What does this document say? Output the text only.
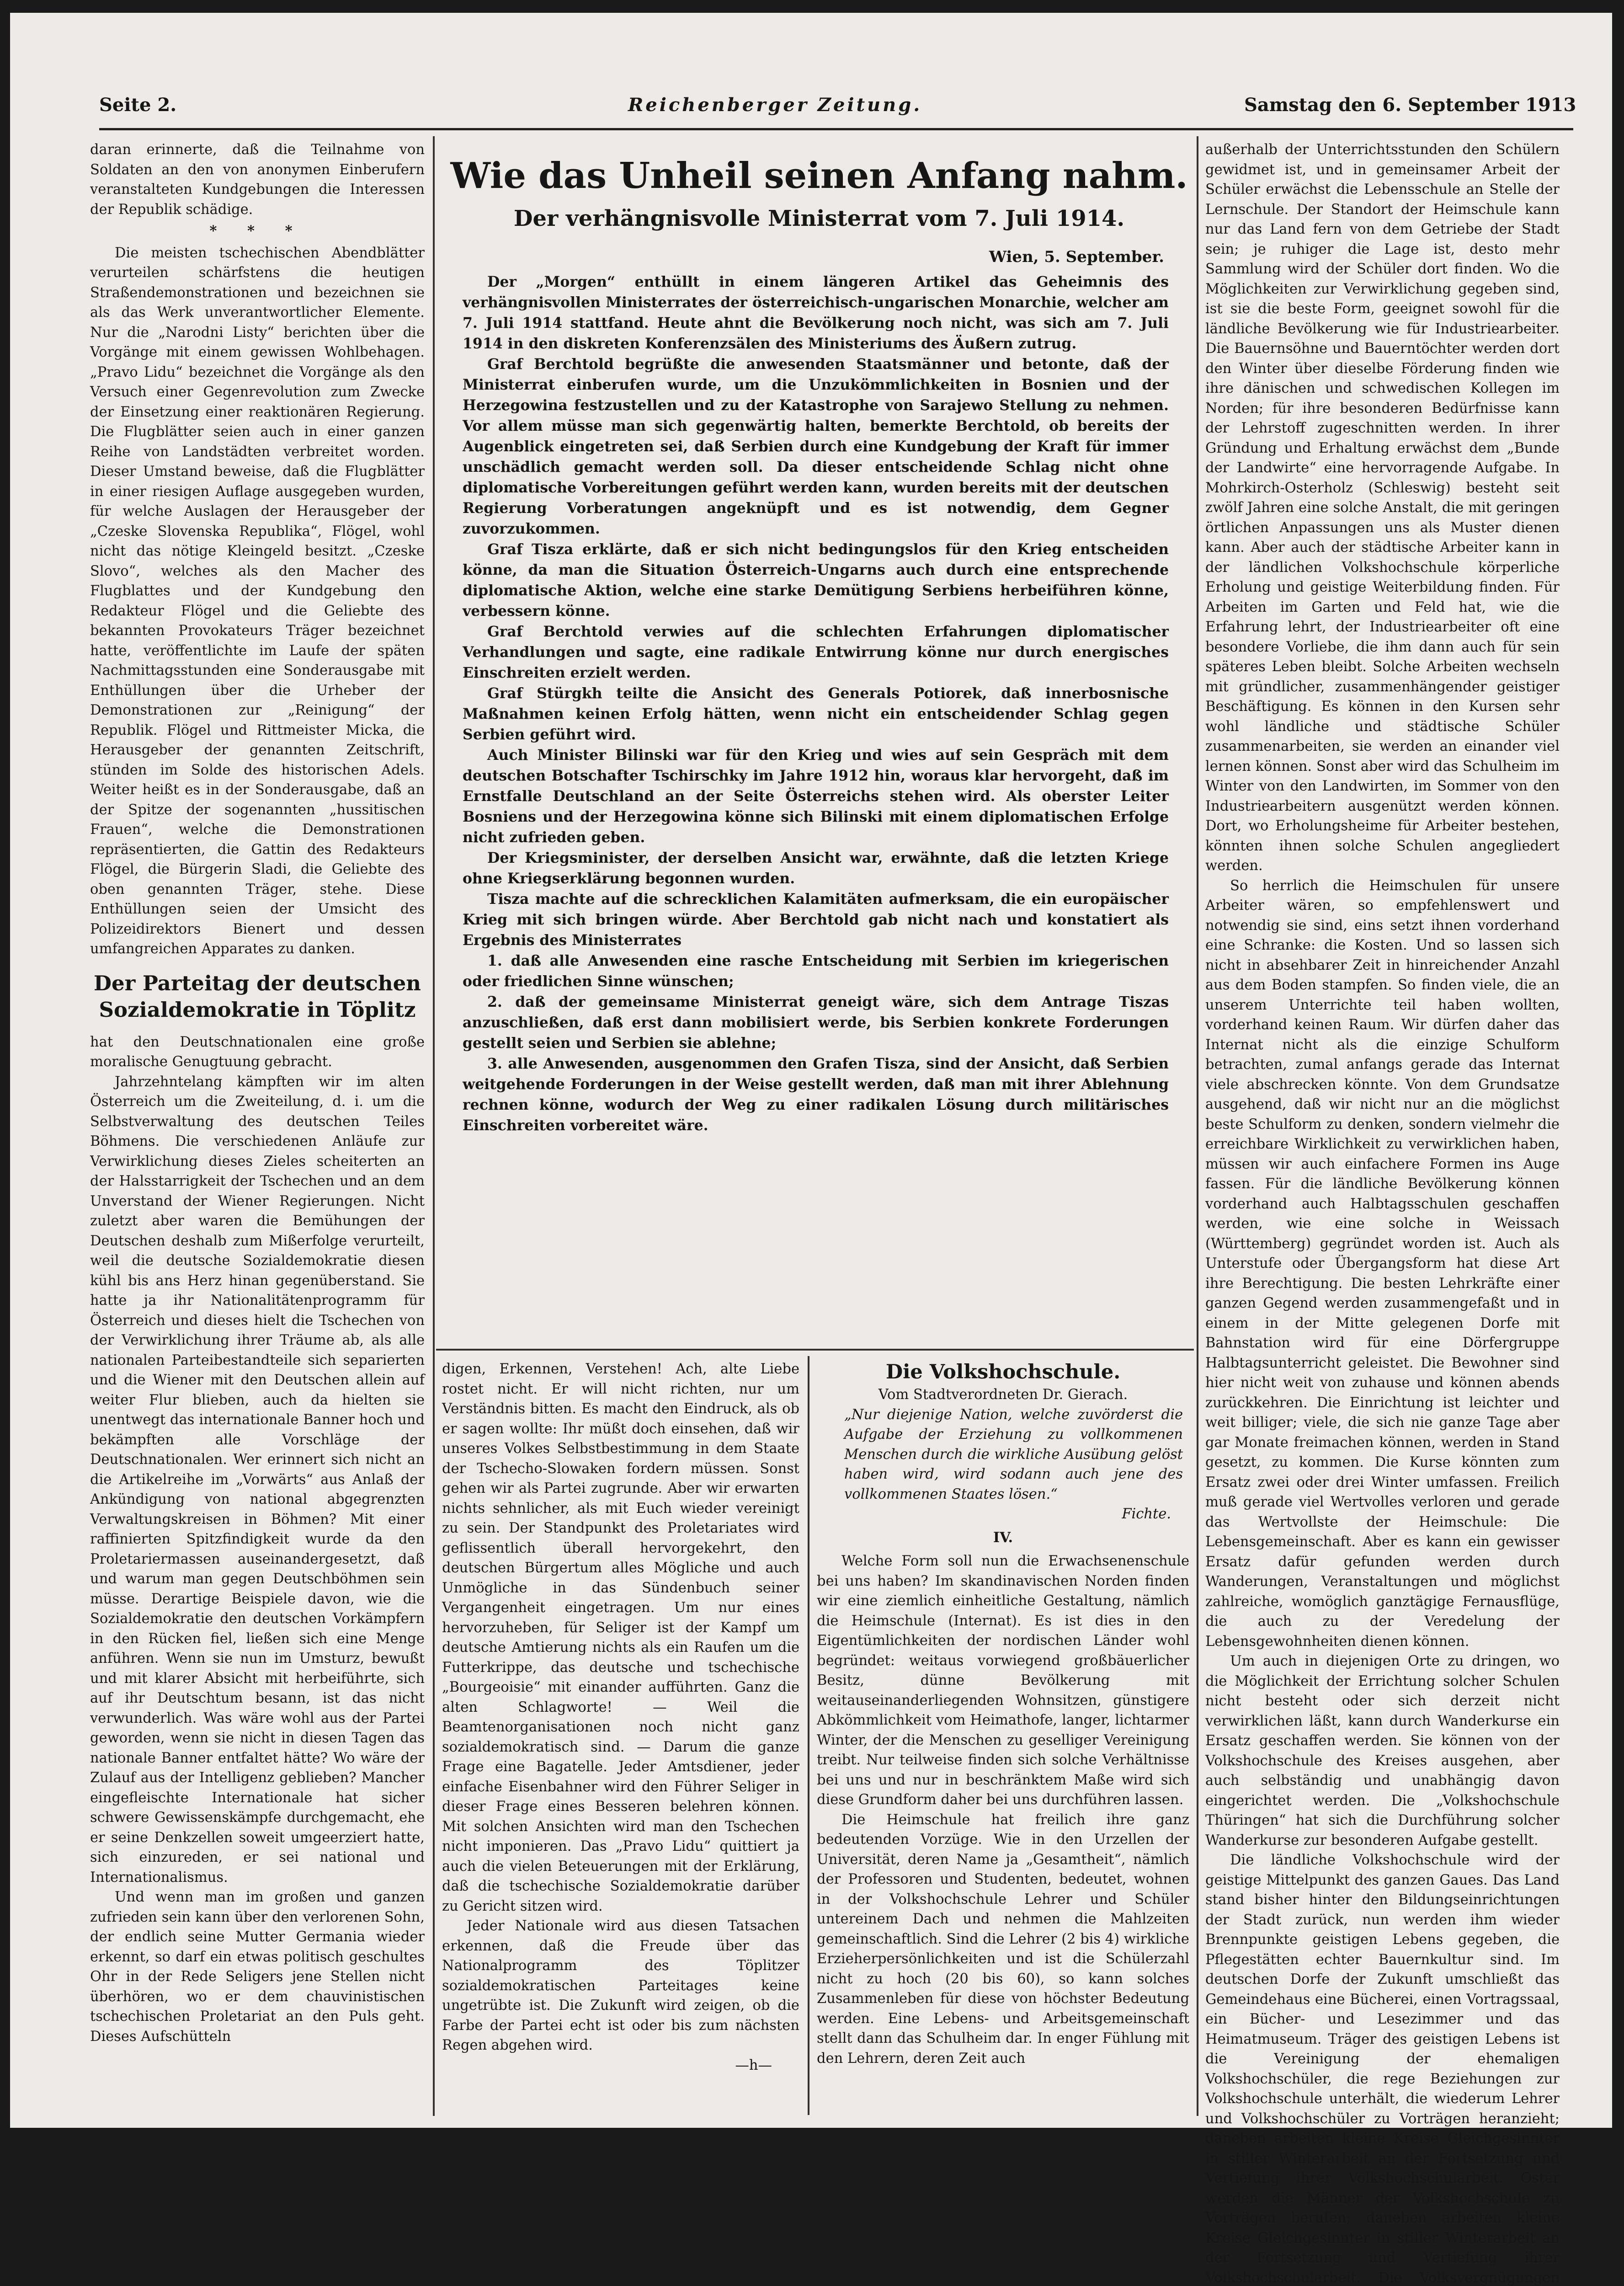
Seite 2.	Reichenberger Zeitung.	Samstag den 6. September 1913

daran erinnerte, daß die Teilnahme von Soldaten an den von anonymen Einberufern veranstalteten Kundgebungen die Interessen der Republik schädige.

* * *

Die meisten tschechischen Abendblätter verurteilen schärfstens die heutigen Straßendemonstrationen und bezeichnen sie als das Werk unverantwortlicher Elemente. Nur die „Narodni Listy“ berichten über die Vorgänge mit einem gewissen Wohlbehagen. „Pravo Lidu“ bezeichnet die Vorgänge als den Versuch einer Gegenrevolution zum Zwecke der Einsetzung einer reaktionären Regierung. Die Flugblätter seien auch in einer ganzen Reihe von Landstädten verbreitet worden. Dieser Umstand beweise, daß die Flugblätter in einer riesigen Auflage ausgegeben wurden, für welche Auslagen der Herausgeber der „Czeske Slovenska Republika“, Flögel, wohl nicht das nötige Kleingeld besitzt. „Czeske Slovo“, welches als den Macher des Flugblattes und der Kundgebung den Redakteur Flögel und die Geliebte des bekannten Provokateurs Träger bezeichnet hatte, veröffentlichte im Laufe der späten Nachmittagsstunden eine Sonderausgabe mit Enthüllungen über die Urheber der Demonstrationen zur „Reinigung“ der Republik. Flögel und Rittmeister Micka, die Herausgeber der genannten Zeitschrift, stünden im Solde des historischen Adels. Weiter heißt es in der Sonderausgabe, daß an der Spitze der sogenannten „hussitischen Frauen“, welche die Demonstrationen repräsentierten, die Gattin des Redakteurs Flögel, die Bürgerin Sladi, die Geliebte des oben genannten Träger, stehe. Diese Enthüllungen seien der Umsicht des Polizeidirektors Bienert und dessen umfangreichen Apparates zu danken.

Der Parteitag der deutschen Sozialdemokratie in Töplitz

hat den Deutschnationalen eine große moralische Genugtuung gebracht.

Jahrzehntelang kämpften wir im alten Österreich um die Zweiteilung, d. i. um die Selbstverwaltung des deutschen Teiles Böhmens. Die verschiedenen Anläufe zur Verwirklichung dieses Zieles scheiterten an der Halsstarrigkeit der Tschechen und an dem Unverstand der Wiener Regierungen. Nicht zuletzt aber waren die Bemühungen der Deutschen deshalb zum Mißerfolge verurteilt, weil die deutsche Sozialdemokratie diesen kühl bis ans Herz hinan gegenüberstand. Sie hatte ja ihr Nationalitätenprogramm für Österreich und dieses hielt die Tschechen von der Verwirklichung ihrer Träume ab, als alle nationalen Parteibestandteile sich separierten und die Wiener mit den Deutschen allein auf weiter Flur blieben, auch da hielten sie unentwegt das internationale Banner hoch und bekämpften alle Vorschläge der Deutschnationalen. Wer erinnert sich nicht an die Artikelreihe im „Vorwärts“ aus Anlaß der Ankündigung von national abgegrenzten Verwaltungskreisen in Böhmen? Mit einer raffinierten Spitzfindigkeit wurde da den Proletariermassen auseinandergesetzt, daß und warum man gegen Deutschböhmen sein müsse. Derartige Beispiele davon, wie die Sozialdemokratie den deutschen Vorkämpfern in den Rücken fiel, ließen sich eine Menge anführen. Wenn sie nun im Umsturz, bewußt und mit klarer Absicht mit herbeiführte, sich auf ihr Deutschtum besann, ist das nicht verwunderlich. Was wäre wohl aus der Partei geworden, wenn sie nicht in diesen Tagen das nationale Banner entfaltet hätte? Wo wäre der Zulauf aus der Intelligenz geblieben? Mancher eingefleischte Internationale hat sicher schwere Gewissenskämpfe durchgemacht, ehe er seine Denkzellen soweit umgeerziert hatte, sich einzureden, er sei national und Internationalismus.

Und wenn man im großen und ganzen zufrieden sein kann über den verlorenen Sohn, der endlich seine Mutter Germania wieder erkennt, so darf ein etwas politisch geschultes Ohr in der Rede Seligers jene Stellen nicht überhören, wo er dem chauvinistischen tschechischen Proletariat an den Puls geht. Dieses Aufschütteln

Wie das Unheil seinen Anfang nahm.
Der verhängnisvolle Ministerrat vom 7. Juli 1914.
Wien, 5. September.

Der „Morgen“ enthüllt in einem längeren Artikel das Geheimnis des verhängnisvollen Ministerrates der österreichisch-ungarischen Monarchie, welcher am 7. Juli 1914 stattfand. Heute ahnt die Bevölkerung noch nicht, was sich am 7. Juli 1914 in den diskreten Konferenzsälen des Ministeriums des Äußern zutrug.

Graf Berchtold begrüßte die anwesenden Staatsmänner und betonte, daß der Ministerrat einberufen wurde, um die Unzukömmlichkeiten in Bosnien und der Herzegowina festzustellen und zu der Katastrophe von Sarajewo Stellung zu nehmen. Vor allem müsse man sich gegenwärtig halten, bemerkte Berchtold, ob bereits der Augenblick eingetreten sei, daß Serbien durch eine Kundgebung der Kraft für immer unschädlich gemacht werden soll. Da dieser entscheidende Schlag nicht ohne diplomatische Vorbereitungen geführt werden kann, wurden bereits mit der deutschen Regierung Vorberatungen angeknüpft und es ist notwendig, dem Gegner zuvorzukommen.

Graf Tisza erklärte, daß er sich nicht bedingungslos für den Krieg entscheiden könne, da man die Situation Österreich-Ungarns auch durch eine entsprechende diplomatische Aktion, welche eine starke Demütigung Serbiens herbeiführen könne, verbessern könne.

Graf Berchtold verwies auf die schlechten Erfahrungen diplomatischer Verhandlungen und sagte, eine radikale Entwirrung könne nur durch energisches Einschreiten erzielt werden.

Graf Stürgkh teilte die Ansicht des Generals Potiorek, daß innerbosnische Maßnahmen keinen Erfolg hätten, wenn nicht ein entscheidender Schlag gegen Serbien geführt wird.

Auch Minister Bilinski war für den Krieg und wies auf sein Gespräch mit dem deutschen Botschafter Tschirschky im Jahre 1912 hin, woraus klar hervorgeht, daß im Ernstfalle Deutschland an der Seite Österreichs stehen wird. Als oberster Leiter Bosniens und der Herzegowina könne sich Bilinski mit einem diplomatischen Erfolge nicht zufrieden geben.

Der Kriegsminister, der derselben Ansicht war, erwähnte, daß die letzten Kriege ohne Kriegserklärung begonnen wurden.

Tisza machte auf die schrecklichen Kalamitäten aufmerksam, die ein europäischer Krieg mit sich bringen würde. Aber Berchtold gab nicht nach und konstatiert als Ergebnis des Ministerrates

1. daß alle Anwesenden eine rasche Entscheidung mit Serbien im kriegerischen oder friedlichen Sinne wünschen;

2. daß der gemeinsame Ministerrat geneigt wäre, sich dem Antrage Tiszas anzuschließen, daß erst dann mobilisiert werde, bis Serbien konkrete Forderungen gestellt seien und Serbien sie ablehne;

3. alle Anwesenden, ausgenommen den Grafen Tisza, sind der Ansicht, daß Serbien weitgehende Forderungen in der Weise gestellt werden, daß man mit ihrer Ablehnung rechnen könne, wodurch der Weg zu einer radikalen Lösung durch militärisches Einschreiten vorbereitet wäre.

digen, Erkennen, Verstehen! Ach, alte Liebe rostet nicht. Er will nicht richten, nur um Verständnis bitten. Es macht den Eindruck, als ob er sagen wollte: Ihr müßt doch einsehen, daß wir unseres Volkes Selbstbestimmung in dem Staate der Tschecho-Slowaken fordern müssen. Sonst gehen wir als Partei zugrunde. Aber wir erwarten nichts sehnlicher, als mit Euch wieder vereinigt zu sein. Der Standpunkt des Proletariates wird geflissentlich überall hervorgekehrt, den deutschen Bürgertum alles Mögliche und auch Unmögliche in das Sündenbuch seiner Vergangenheit eingetragen. Um nur eines hervorzuheben, für Seliger ist der Kampf um deutsche Amtierung nichts als ein Raufen um die Futterkrippe, das deutsche und tschechische „Bourgeoisie“ mit einander aufführten. Ganz die alten Schlagworte! — Weil die Beamtenorganisationen noch nicht ganz sozialdemokratisch sind. — Darum die ganze Frage eine Bagatelle. Jeder Amtsdiener, jeder einfache Eisenbahner wird den Führer Seliger in dieser Frage eines Besseren belehren können. Mit solchen Ansichten wird man den Tschechen nicht imponieren. Das „Pravo Lidu“ quittiert ja auch die vielen Beteuerungen mit der Erklärung, daß die tschechische Sozialdemokratie darüber zu Gericht sitzen wird.

Jeder Nationale wird aus diesen Tatsachen erkennen, daß die Freude über das Nationalprogramm des Töplitzer sozialdemokratischen Parteitages keine ungetrübte ist. Die Zukunft wird zeigen, ob die Farbe der Partei echt ist oder bis zum nächsten Regen abgehen wird.

—h—

Die Volkshochschule.

Vom Stadtverordneten Dr. Gierach.

„Nur diejenige Nation, welche zuvörderst die Aufgabe der Erziehung zu vollkommenen Menschen durch die wirkliche Ausübung gelöst haben wird, wird sodann auch jene des vollkommenen Staates lösen.“

Fichte.

IV.

Welche Form soll nun die Erwachsenenschule bei uns haben? Im skandinavischen Norden finden wir eine ziemlich einheitliche Gestaltung, nämlich die Heimschule (Internat). Es ist dies in den Eigentümlichkeiten der nordischen Länder wohl begründet: weitaus vorwiegend großbäuerlicher Besitz, dünne Bevölkerung mit weitauseinanderliegenden Wohnsitzen, günstigere Abkömmlichkeit vom Heimathofe, langer, lichtarmer Winter, der die Menschen zu geselliger Vereinigung treibt. Nur teilweise finden sich solche Verhältnisse bei uns und nur in beschränktem Maße wird sich diese Grundform daher bei uns durchführen lassen.

Die Heimschule hat freilich ihre ganz bedeutenden Vorzüge. Wie in den Urzellen der Universität, deren Name ja „Gesamtheit“, nämlich der Professoren und Studenten, bedeutet, wohnen in der Volkshochschule Lehrer und Schüler untereinem Dach und nehmen die Mahlzeiten gemeinschaftlich. Sind die Lehrer (2 bis 4) wirkliche Erzieherpersönlichkeiten und ist die Schülerzahl nicht zu hoch (20 bis 60), so kann solches Zusammenleben für diese von höchster Bedeutung werden. Eine Lebens- und Arbeitsgemeinschaft stellt dann das Schulheim dar. In enger Fühlung mit den Lehrern, deren Zeit auch

außerhalb der Unterrichtsstunden den Schülern gewidmet ist, und in gemeinsamer Arbeit der Schüler erwächst die Lebensschule an Stelle der Lernschule. Der Standort der Heimschule kann nur das Land fern von dem Getriebe der Stadt sein; je ruhiger die Lage ist, desto mehr Sammlung wird der Schüler dort finden. Wo die Möglichkeiten zur Verwirklichung gegeben sind, ist sie die beste Form, geeignet sowohl für die ländliche Bevölkerung wie für Industriearbeiter. Die Bauernsöhne und Bauerntöchter werden dort den Winter über dieselbe Förderung finden wie ihre dänischen und schwedischen Kollegen im Norden; für ihre besonderen Bedürfnisse kann der Lehrstoff zugeschnitten werden. In ihrer Gründung und Erhaltung erwächst dem „Bunde der Landwirte“ eine hervorragende Aufgabe. In Mohrkirch-Osterholz (Schleswig) besteht seit zwölf Jahren eine solche Anstalt, die mit geringen örtlichen Anpassungen uns als Muster dienen kann. Aber auch der städtische Arbeiter kann in der ländlichen Volkshochschule körperliche Erholung und geistige Weiterbildung finden. Für Arbeiten im Garten und Feld hat, wie die Erfahrung lehrt, der Industriearbeiter oft eine besondere Vorliebe, die ihm dann auch für sein späteres Leben bleibt. Solche Arbeiten wechseln mit gründlicher, zusammenhängender geistiger Beschäftigung. Es können in den Kursen sehr wohl ländliche und städtische Schüler zusammenarbeiten, sie werden an einander viel lernen können. Sonst aber wird das Schulheim im Winter von den Landwirten, im Sommer von den Industriearbeitern ausgenützt werden können. Dort, wo Erholungsheime für Arbeiter bestehen, könnten ihnen solche Schulen angegliedert werden.

So herrlich die Heimschulen für unsere Arbeiter wären, so empfehlenswert und notwendig sie sind, eins setzt ihnen vorderhand eine Schranke: die Kosten. Und so lassen sich nicht in absehbarer Zeit in hinreichender Anzahl aus dem Boden stampfen. So finden viele, die an unserem Unterrichte teil haben wollten, vorderhand keinen Raum. Wir dürfen daher das Internat nicht als die einzige Schulform betrachten, zumal anfangs gerade das Internat viele abschrecken könnte. Von dem Grundsatze ausgehend, daß wir nicht nur an die möglichst beste Schulform zu denken, sondern vielmehr die erreichbare Wirklichkeit zu verwirklichen haben, müssen wir auch einfachere Formen ins Auge fassen. Für die ländliche Bevölkerung können vorderhand auch Halbtagsschulen geschaffen werden, wie eine solche in Weissach (Württemberg) gegründet worden ist. Auch als Unterstufe oder Übergangsform hat diese Art ihre Berechtigung. Die besten Lehrkräfte einer ganzen Gegend werden zusammengefaßt und in einem in der Mitte gelegenen Dorfe mit Bahnstation wird für eine Dörfergruppe Halbtagsunterricht geleistet. Die Bewohner sind hier nicht weit von zuhause und können abends zurückkehren. Die Einrichtung ist leichter und weit billiger; viele, die sich nie ganze Tage aber gar Monate freimachen können, werden in Stand gesetzt, zu kommen. Die Kurse könnten zum Ersatz zwei oder drei Winter umfassen. Freilich muß gerade viel Wertvolles verloren und gerade das Wertvollste der Heimschule: Die Lebensgemeinschaft. Aber es kann ein gewisser Ersatz dafür gefunden werden durch Wanderungen, Veranstaltungen und möglichst zahlreiche, womöglich ganztägige Fernausflüge, die auch zu der Veredelung der Lebensgewohnheiten dienen können.

Um auch in diejenigen Orte zu dringen, wo die Möglichkeit der Errichtung solcher Schulen nicht besteht oder sich derzeit nicht verwirklichen läßt, kann durch Wanderkurse ein Ersatz geschaffen werden. Sie können von der Volkshochschule des Kreises ausgehen, aber auch selbständig und unabhängig davon eingerichtet werden. Die „Volkshochschule Thüringen“ hat sich die Durchführung solcher Wanderkurse zur besonderen Aufgabe gestellt.

Die ländliche Volkshochschule wird der geistige Mittelpunkt des ganzen Gaues. Das Land stand bisher hinter den Bildungseinrichtungen der Stadt zurück, nun werden ihm wieder Brennpunkte geistigen Lebens gegeben, die Pflegestätten echter Bauernkultur sind. Im deutschen Dorfe der Zukunft umschließt das Gemeindehaus eine Bücherei, einen Vortragssaal, ein Bücher- und Lesezimmer und das Heimatmuseum. Träger des geistigen Lebens ist die Vereinigung der ehemaligen Volkshochschüler, die rege Beziehungen zur Volkshochschule unterhält, die wiederum Lehrer und Volkshochschüler zu Vorträgen heranzieht; daneben arbeiten kleine Kreise Gleichgesinnter in stiller Winterarbeit an der Fortsetzung und Vertiefung ihrer Volkshochschularbeit. Oster werden die Männer der Volkshochschule zu Vorträgen berufen; daneben arbeiten kleine Kreise Gleichgesinnter in stiller Winterarbeit an der Fortsetzung und Vertiefung ihrer Volkshochschularbeit. Die Volksvergnügungen
